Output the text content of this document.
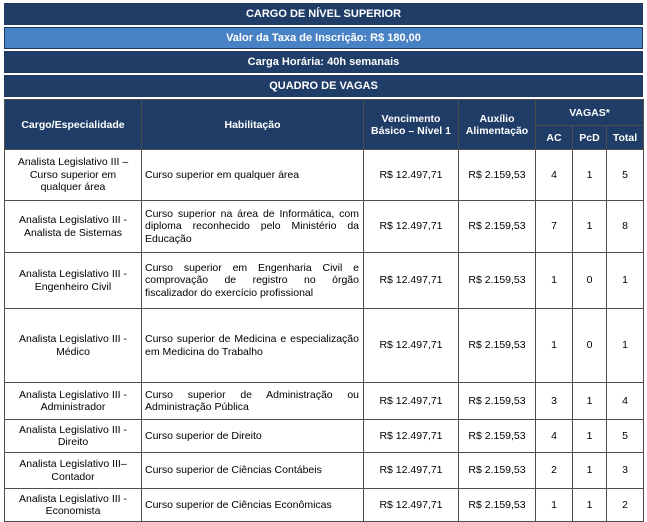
CARGO DE NÍVEL SUPERIOR
Valor da Taxa de Inscrição: R$ 180,00
Carga Horária: 40h semanais
QUADRO DE VAGAS
Cargo/Especialidade	Habilitação	Vencimento Básico – Nível 1	Auxílio Alimentação	VAGAS*		
				AC	PcD	Total
Analista Legislativo III – Curso superior em qualquer área	Curso superior em qualquer área	R$ 12.497,71	R$ 2.159,53	4	1	5
Analista Legislativo III - Analista de Sistemas	Curso superior na área de Informática, com diploma reconhecido pelo Ministério da Educação	R$ 12.497,71	R$ 2.159,53	7	1	8
Analista Legislativo III - Engenheiro Civil	Curso superior em Engenharia Civil e comprovação de registro no órgão fiscalizador do exercício profissional	R$ 12.497,71	R$ 2.159,53	1	0	1
Analista Legislativo III - Médico	Curso superior de Medicina e especialização em Medicina do Trabalho	R$ 12.497,71	R$ 2.159,53	1	0	1
Analista Legislativo III - Administrador	Curso superior de Administração ou Administração Pública	R$ 12.497,71	R$ 2.159,53	3	1	4
Analista Legislativo III - Direito	Curso superior de Direito	R$ 12.497,71	R$ 2.159,53	4	1	5
Analista Legislativo III– Contador	Curso superior de Ciências Contábeis	R$ 12.497,71	R$ 2.159,53	2	1	3
Analista Legislativo III - Economista	Curso superior de Ciências Econômicas	R$ 12.497,71	R$ 2.159,53	1	1	2
